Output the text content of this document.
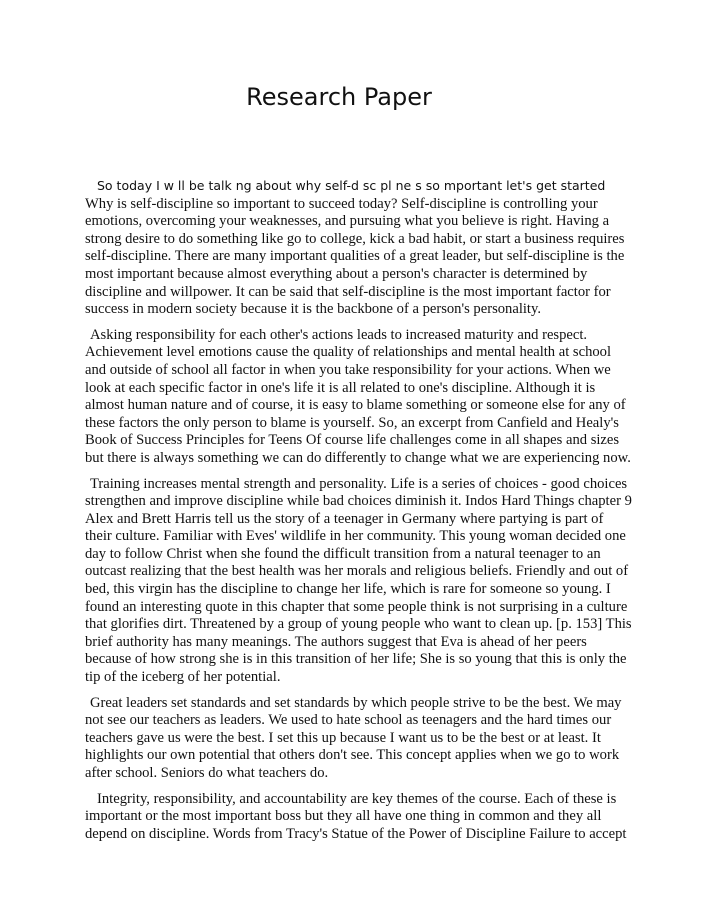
Research Paper

So today I w ll be talk ng about why self-d sc pl ne s so mportant let's get started Why is self-discipline so important to succeed today? Self-discipline is controlling your emotions, overcoming your weaknesses, and pursuing what you believe is right. Having a strong desire to do something like go to college, kick a bad habit, or start a business requires self-discipline. There are many important qualities of a great leader, but self-discipline is the most important because almost everything about a person's character is determined by discipline and willpower. It can be said that self-discipline is the most important factor for success in modern society because it is the backbone of a person's personality.

Asking responsibility for each other's actions leads to increased maturity and respect. Achievement level emotions cause the quality of relationships and mental health at school and outside of school all factor in when you take responsibility for your actions. When we look at each specific factor in one's life it is all related to one's discipline. Although it is almost human nature and of course, it is easy to blame something or someone else for any of these factors the only person to blame is yourself. So, an excerpt from Canfield and Healy's Book of Success Principles for Teens Of course life challenges come in all shapes and sizes but there is always something we can do differently to change what we are experiencing now.

Training increases mental strength and personality. Life is a series of choices - good choices strengthen and improve discipline while bad choices diminish it. Indos Hard Things chapter 9 Alex and Brett Harris tell us the story of a teenager in Germany where partying is part of their culture. Familiar with Eves' wildlife in her community. This young woman decided one day to follow Christ when she found the difficult transition from a natural teenager to an outcast realizing that the best health was her morals and religious beliefs. Friendly and out of bed, this virgin has the discipline to change her life, which is rare for someone so young. I found an interesting quote in this chapter that some people think is not surprising in a culture that glorifies dirt. Threatened by a group of young people who want to clean up. [p. 153] This brief authority has many meanings. The authors suggest that Eva is ahead of her peers because of how strong she is in this transition of her life; She is so young that this is only the tip of the iceberg of her potential.

Great leaders set standards and set standards by which people strive to be the best. We may not see our teachers as leaders. We used to hate school as teenagers and the hard times our teachers gave us were the best. I set this up because I want us to be the best or at least. It highlights our own potential that others don't see. This concept applies when we go to work after school. Seniors do what teachers do.

Integrity, responsibility, and accountability are key themes of the course. Each of these is important or the most important boss but they all have one thing in common and they all depend on discipline. Words from Tracy's Statue of the Power of Discipline Failure to accept
